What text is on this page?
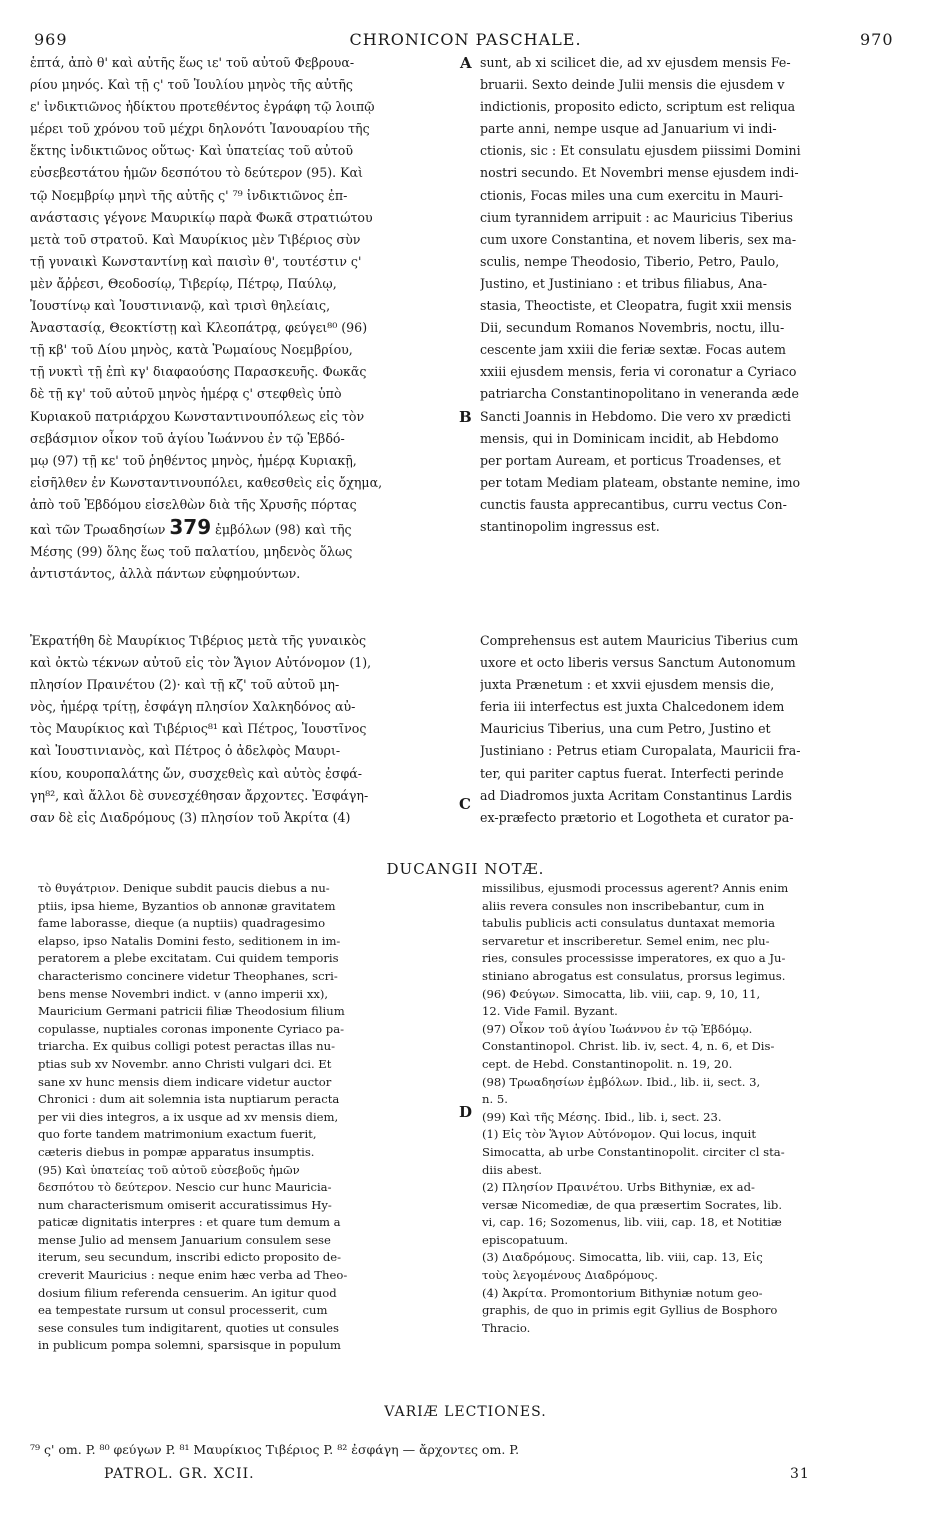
969	CHRONICON PASCHALE.	970
ἑπτά, ἀπὸ θ' καὶ αὐτῆς ἕως ιε' τοῦ αὐτοῦ Φεβρουα-
ρίου μηνός. Καὶ τῇ ς' τοῦ Ἰουλίου μηνὸς τῆς αὐτῆς
ε' ἰνδικτιῶνος ἠδίκτου προτεθέντος ἐγράφη τῷ λοιπῷ
μέρει τοῦ χρόνου τοῦ μέχρι δηλονότι Ἰανουαρίου τῆς
ἕκτης ἰνδικτιῶνος οὕτως· Καὶ ὑπατείας τοῦ αὐτοῦ
εὐσεβεστάτου ἡμῶν δεσπότου τὸ δεύτερον (95). Καὶ
τῷ Νοεμβρίῳ μηνὶ τῆς αὐτῆς ς' ⁷⁹ ἰνδικτιῶνος ἐπ-
ανάστασις γέγονε Μαυρικίῳ παρὰ Φωκᾶ στρατιώτου
μετὰ τοῦ στρατοῦ. Καὶ Μαυρίκιος μὲν Τιβέριος σὺν
τῇ γυναικὶ Κωνσταντίνῃ καὶ παισὶν θ', τουτέστιν ς'
μὲν ἄῤῥεσι, Θεοδοσίῳ, Τιβερίῳ, Πέτρῳ, Παύλῳ,
Ἰουστίνῳ καὶ Ἰουστινιανῷ, καὶ τρισὶ θηλείαις,
Ἀναστασίᾳ, Θεοκτίστῃ καὶ Κλεοπάτρᾳ, φεύγει⁸⁰ (96)
τῇ κβ' τοῦ Δίου μηνὸς, κατὰ Ῥωμαίους Νοεμβρίου,
τῇ νυκτὶ τῇ ἐπὶ κγ' διαφαούσης Παρασκευῆς. Φωκᾶς
δὲ τῇ κγ' τοῦ αὐτοῦ μηνὸς ἡμέρᾳ ς' στεφθεὶς ὑπὸ
Κυριακοῦ πατριάρχου Κωνσταντινουπόλεως εἰς τὸν
σεβάσμιον οἶκον τοῦ ἁγίου Ἰωάννου ἐν τῷ Ἑβδό-
μῳ (97) τῇ κε' τοῦ ῥηθέντος μηνὸς, ἡμέρᾳ Κυριακῇ,
εἰσῆλθεν ἐν Κωνσταντινουπόλει, καθεσθεὶς εἰς ὄχημα,
ἀπὸ τοῦ Ἑβδόμου εἰσελθὼν διὰ τῆς Χρυσῆς πόρτας
καὶ τῶν Τρωαδησίων 379 ἐμβόλων (98) καὶ τῆς
Μέσης (99) ὅλης ἕως τοῦ παλατίου, μηδενὸς ὅλως
ἀντιστάντος, ἀλλὰ πάντων εὐφημούντων.
sunt, ab xi scilicet die, ad xv ejusdem mensis Fe-
bruarii. Sexto deinde Julii mensis die ejusdem v
indictionis, proposito edicto, scriptum est reliqua
parte anni, nempe usque ad Januarium vi indi-
ctionis, sic : Et consulatu ejusdem piissimi Domini
nostri secundo. Et Novembri mense ejusdem indi-
ctionis, Focas miles una cum exercitu in Mauri-
cium tyrannidem arripuit : ac Mauricius Tiberius
cum uxore Constantina, et novem liberis, sex ma-
sculis, nempe Theodosio, Tiberio, Petro, Paulo,
Justino, et Justiniano : et tribus filiabus, Ana-
stasia, Theoctiste, et Cleopatra, fugit xxii mensis
Dii, secundum Romanos Novembris, noctu, illu-
cescente jam xxiii die feriæ sextæ. Focas autem
xxiii ejusdem mensis, feria vi coronatur a Cyriaco
patriarcha Constantinopolitano in veneranda æde
Sancti Joannis in Hebdomo. Die vero xv prædicti
mensis, qui in Dominicam incidit, ab Hebdomo
per portam Auream, et porticus Troadenses, et
per totam Mediam plateam, obstante nemine, imo
cunctis fausta apprecantibus, curru vectus Con-
stantinopolim ingressus est.
A
B
C
D
Ἐκρατήθη δὲ Μαυρίκιος Τιβέριος μετὰ τῆς γυναικὸς
καὶ ὀκτὼ τέκνων αὐτοῦ εἰς τὸν Ἅγιον Αὐτόνομον (1),
πλησίον Πραινέτου (2)· καὶ τῇ κζ' τοῦ αὐτοῦ μη-
νὸς, ἡμέρᾳ τρίτῃ, ἐσφάγη πλησίον Χαλκηδόνος αὐ-
τὸς Μαυρίκιος καὶ Τιβέριος⁸¹ καὶ Πέτρος, Ἰουστῖνος
καὶ Ἰουστινιανὸς, καὶ Πέτρος ὁ ἀδελφὸς Μαυρι-
κίου, κουροπαλάτης ὤν, συσχεθεὶς καὶ αὐτὸς ἐσφά-
γη⁸², καὶ ἄλλοι δὲ συνεσχέθησαν ἄρχοντες. Ἐσφάγη-
σαν δὲ εἰς Διαδρόμους (3) πλησίον τοῦ Ἀκρίτα (4)
Comprehensus est autem Mauricius Tiberius cum
uxore et octo liberis versus Sanctum Autonomum
juxta Prænetum : et xxvii ejusdem mensis die,
feria iii interfectus est juxta Chalcedonem idem
Mauricius Tiberius, una cum Petro, Justino et
Justiniano : Petrus etiam Curopalata, Mauricii fra-
ter, qui pariter captus fuerat. Interfecti perinde
ad Diadromos juxta Acritam Constantinus Lardis
ex-præfecto prætorio et Logotheta et curator pa-
DUCANGII NOTÆ.
τὸ θυγάτριον. Denique subdit paucis diebus a nu-
ptiis, ipsa hieme, Byzantios ob annonæ gravitatem
fame laborasse, dieque (a nuptiis) quadragesimo
elapso, ipso Natalis Domini festo, seditionem in im-
peratorem a plebe excitatam. Cui quidem temporis
characterismo concinere videtur Theophanes, scri-
bens mense Novembri indict. v (anno imperii xx),
Mauricium Germani patricii filiæ Theodosium filium
copulasse, nuptiales coronas imponente Cyriaco pa-
triarcha. Ex quibus colligi potest peractas illas nu-
ptias sub xv Novembr. anno Christi vulgari dci. Et
sane xv hunc mensis diem indicare videtur auctor
Chronici : dum ait solemnia ista nuptiarum peracta
per vii dies integros, a ix usque ad xv mensis diem,
quo forte tandem matrimonium exactum fuerit,
cæteris diebus in pompæ apparatus insumptis.
(95) Καὶ ὑπατείας τοῦ αὐτοῦ εὐσεβοῦς ἡμῶν
δεσπότου τὸ δεύτερον. Nescio cur hunc Mauricia-
num characterismum omiserit accuratissimus Hy-
paticæ dignitatis interpres : et quare tum demum a
mense Julio ad mensem Januarium consulem sese
iterum, seu secundum, inscribi edicto proposito de-
creverit Mauricius : neque enim hæc verba ad Theo-
dosium filium referenda censuerim. An igitur quod
ea tempestate rursum ut consul processerit, cum
sese consules tum indigitarent, quoties ut consules
in publicum pompa solemni, sparsisque in populum
missilibus, ejusmodi processus agerent? Annis enim
aliis revera consules non inscribebantur, cum in
tabulis publicis acti consulatus duntaxat memoria
servaretur et inscriberetur. Semel enim, nec plu-
ries, consules processisse imperatores, ex quo a Ju-
stiniano abrogatus est consulatus, prorsus legimus.
(96) Φεύγων. Simocatta, lib. viii, cap. 9, 10, 11,
12. Vide Famil. Byzant.
(97) Οἶκον τοῦ ἁγίου Ἰωάννου ἐν τῷ Ἑβδόμῳ.
Constantinopol. Christ. lib. iv, sect. 4, n. 6, et Dis-
cept. de Hebd. Constantinopolit. n. 19, 20.
(98) Τρωαδησίων ἐμβόλων. Ibid., lib. ii, sect. 3,
n. 5.
(99) Καὶ τῆς Μέσης. Ibid., lib. i, sect. 23.
(1) Εἰς τὸν Ἅγιον Αὐτόνομον. Qui locus, inquit
Simocatta, ab urbe Constantinopolit. circiter cl sta-
diis abest.
(2) Πλησίον Πραινέτου. Urbs Bithyniæ, ex ad-
versæ Nicomediæ, de qua præsertim Socrates, lib.
vi, cap. 16; Sozomenus, lib. viii, cap. 18, et Notitiæ
episcopatuum.
(3) Διαδρόμους. Simocatta, lib. viii, cap. 13, Εἰς
τοὺς λεγομένους Διαδρόμους.
(4) Ἀκρίτα. Promontorium Bithyniæ notum geo-
graphis, de quo in primis egit Gyllius de Bosphoro
Thracio.
VARIÆ LECTIONES.
⁷⁹ ς' om. P. ⁸⁰ φεύγων P. ⁸¹ Μαυρίκιος Τιβέριος P. ⁸² ἐσφάγη — ἄρχοντες om. P.
PATROL. GR. XCII.	31
